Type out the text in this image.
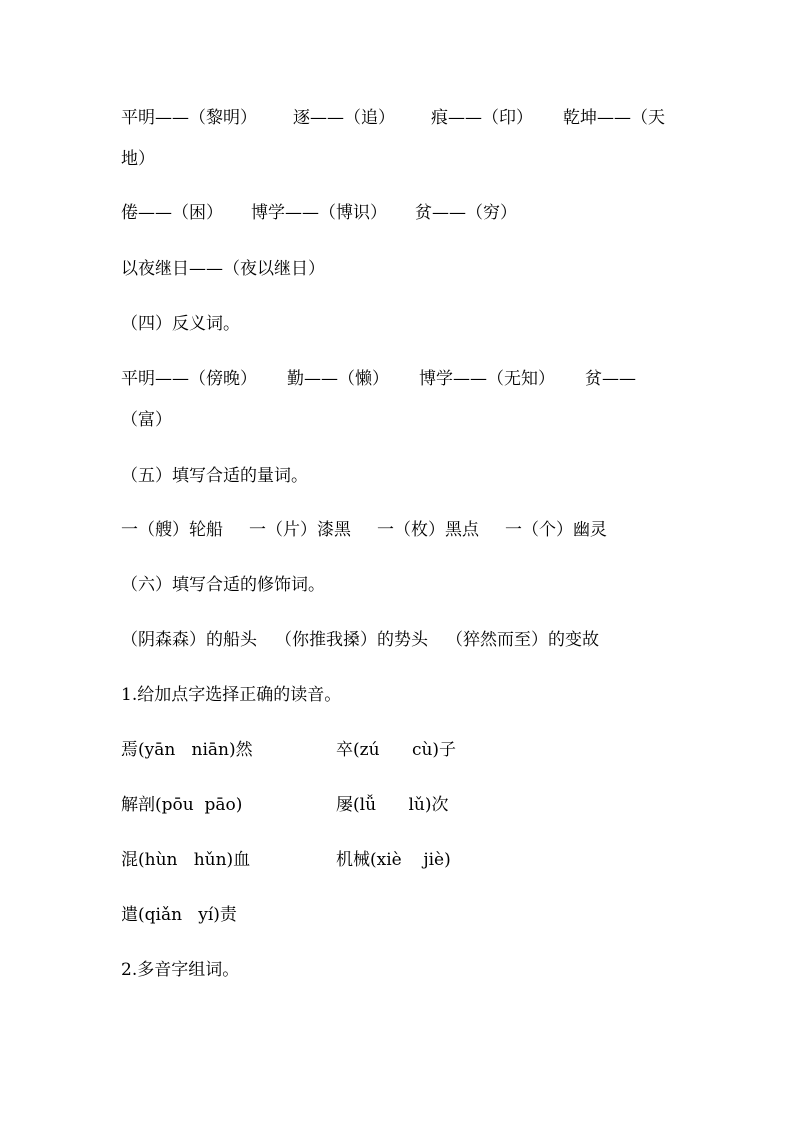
平明——（黎明） 逐——（追） 痕——（印） 乾坤——（天
地）
倦——（困） 博学——（博识） 贫——（穷）
以夜继日——（夜以继日）
（四）反义词。
平明——（傍晚） 勤——（懒） 博学——（无知） 贫——
（富）
（五）填写合适的量词。
一（艘）轮船 一（片）漆黑 一（枚）黑点 一（个）幽灵
（六）填写合适的修饰词。
（阴森森）的船头 （你推我搡）的势头 （猝然而至）的变故
1.给加点字选择正确的读音。
焉(yān   niān)然	卒(zú      cù)子
解剖(pōu  pāo)	屡(lǚ      lǔ)次
混(hùn   hǔn)血	机械(xiè    jiè)
遣(qiǎn   yí)责
2.多音字组词。
